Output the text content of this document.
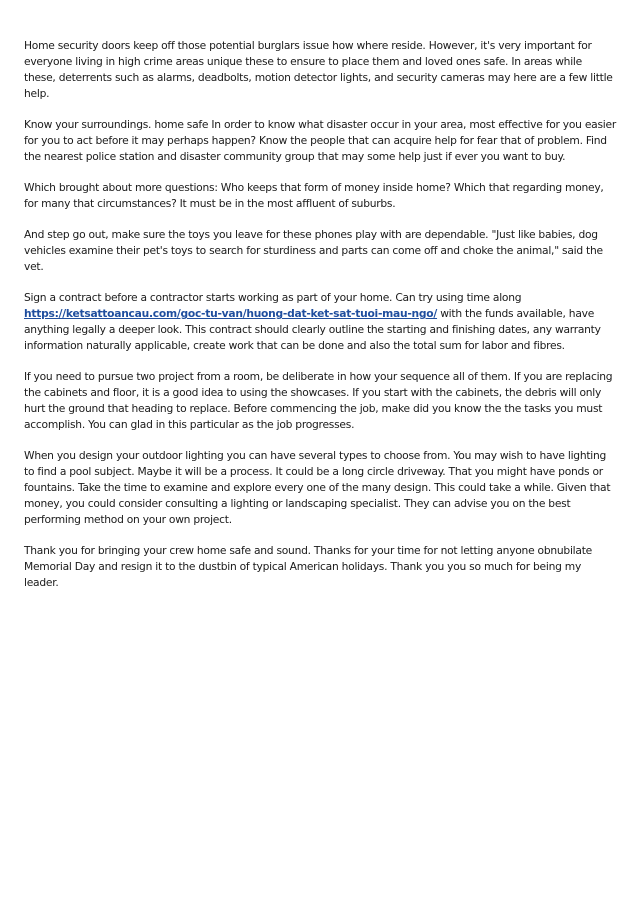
Home security doors keep off those potential burglars issue how where reside. However, it's very important for everyone living in high crime areas unique these to ensure to place them and loved ones safe. In areas while these, deterrents such as alarms, deadbolts, motion detector lights, and security cameras may here are a few little help.

Know your surroundings. home safe In order to know what disaster occur in your area, most effective for you easier for you to act before it may perhaps happen? Know the people that can acquire help for fear that of problem. Find the nearest police station and disaster community group that may some help just if ever you want to buy.

Which brought about more questions: Who keeps that form of money inside home? Which that regarding money, for many that circumstances? It must be in the most affluent of suburbs.

And step go out, make sure the toys you leave for these phones play with are dependable. "Just like babies, dog vehicles examine their pet's toys to search for sturdiness and parts can come off and choke the animal," said the vet.

Sign a contract before a contractor starts working as part of your home. Can try using time along https://ketsattoancau.com/goc-tu-van/huong-dat-ket-sat-tuoi-mau-ngo/ with the funds available, have anything legally a deeper look. This contract should clearly outline the starting and finishing dates, any warranty information naturally applicable, create work that can be done and also the total sum for labor and fibres.

If you need to pursue two project from a room, be deliberate in how your sequence all of them. If you are replacing the cabinets and floor, it is a good idea to using the showcases. If you start with the cabinets, the debris will only hurt the ground that heading to replace. Before commencing the job, make did you know the the tasks you must accomplish. You can glad in this particular as the job progresses.

When you design your outdoor lighting you can have several types to choose from. You may wish to have lighting to find a pool subject. Maybe it will be a process. It could be a long circle driveway. That you might have ponds or fountains. Take the time to examine and explore every one of the many design. This could take a while. Given that money, you could consider consulting a lighting or landscaping specialist. They can advise you on the best performing method on your own project.

Thank you for bringing your crew home safe and sound. Thanks for your time for not letting anyone obnubilate Memorial Day and resign it to the dustbin of typical American holidays. Thank you you so much for being my leader.
